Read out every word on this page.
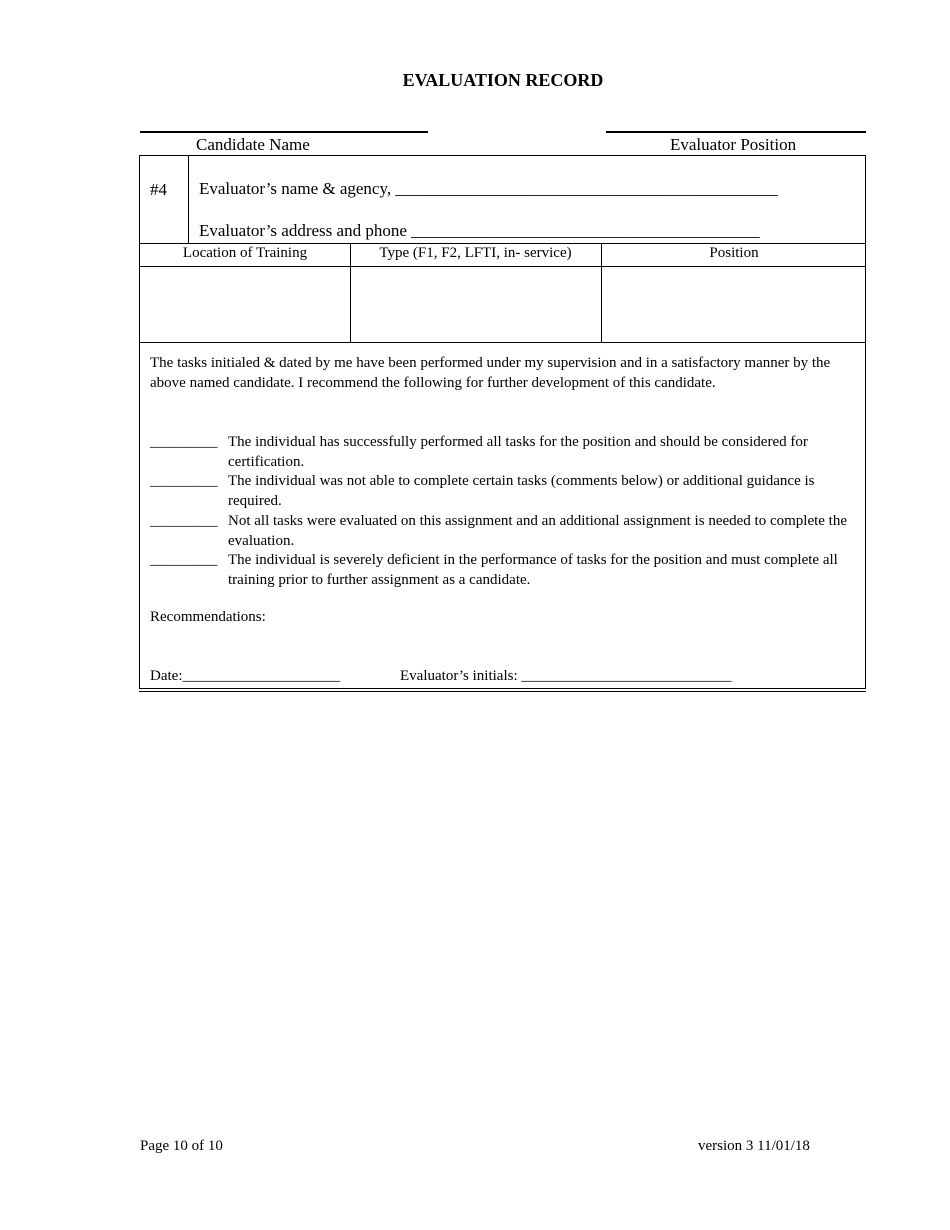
EVALUATION RECORD
Candidate Name	Evaluator Position
#4 Evaluator’s name & agency, _____________________________________________
Evaluator’s address and phone _________________________________________
Location of Training	Type (F1, F2, LFTI, in- service)	Position
The tasks initialed & dated by me have been performed under my supervision and in a satisfactory manner by the above named candidate. I recommend the following for further development of this candidate.
_________ The individual has successfully performed all tasks for the position and should be considered for certification.
_________ The individual was not able to complete certain tasks (comments below) or additional guidance is required.
_________ Not all tasks were evaluated on this assignment and an additional assignment is needed to complete the evaluation.
_________ The individual is severely deficient in the performance of tasks for the position and must complete all training prior to further assignment as a candidate.
Recommendations:
Date:_____________________	Evaluator’s initials: ____________________________
Page 10 of 10	version 3 11/01/18
